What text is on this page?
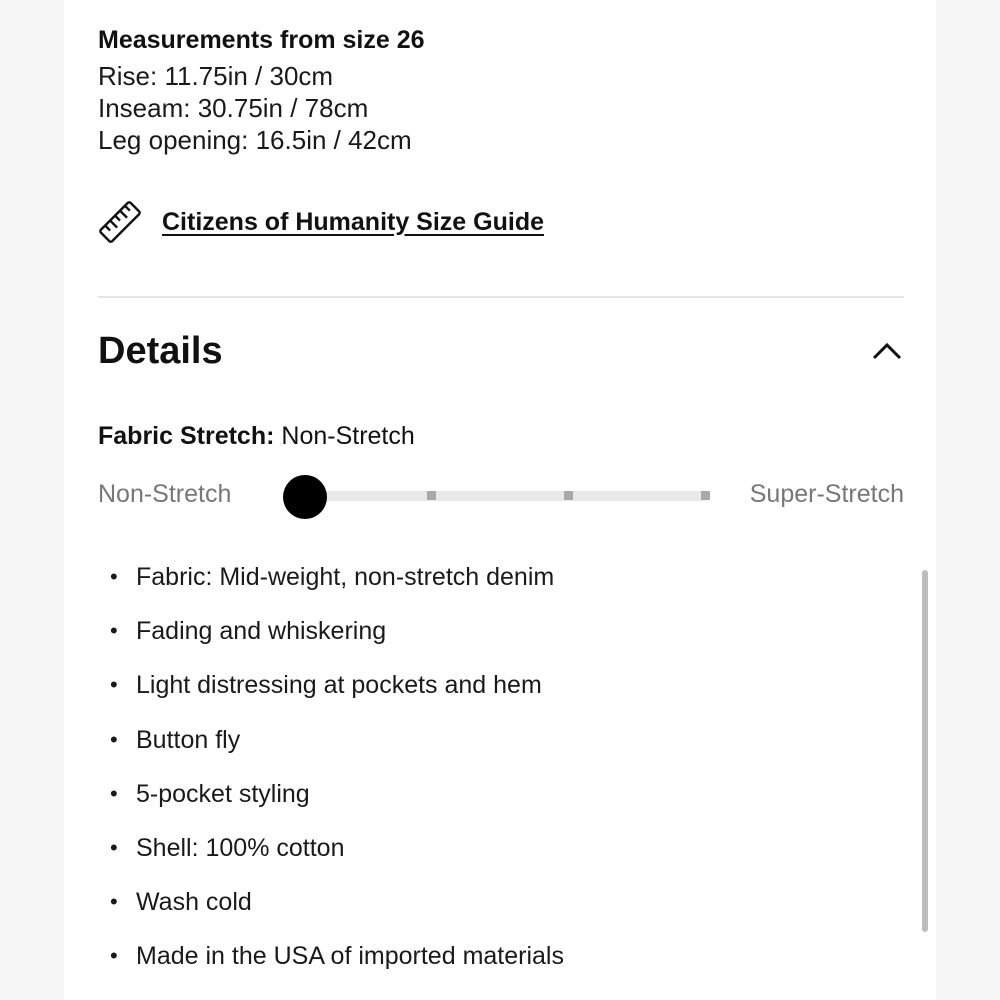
Measurements from size 26
Rise: 11.75in / 30cm
Inseam: 30.75in / 78cm
Leg opening: 16.5in / 42cm
Citizens of Humanity Size Guide
Details
Fabric Stretch: Non-Stretch
Non-Stretch	Super-Stretch
• Fabric: Mid-weight, non-stretch denim
• Fading and whiskering
• Light distressing at pockets and hem
• Button fly
• 5-pocket styling
• Shell: 100% cotton
• Wash cold
• Made in the USA of imported materials
